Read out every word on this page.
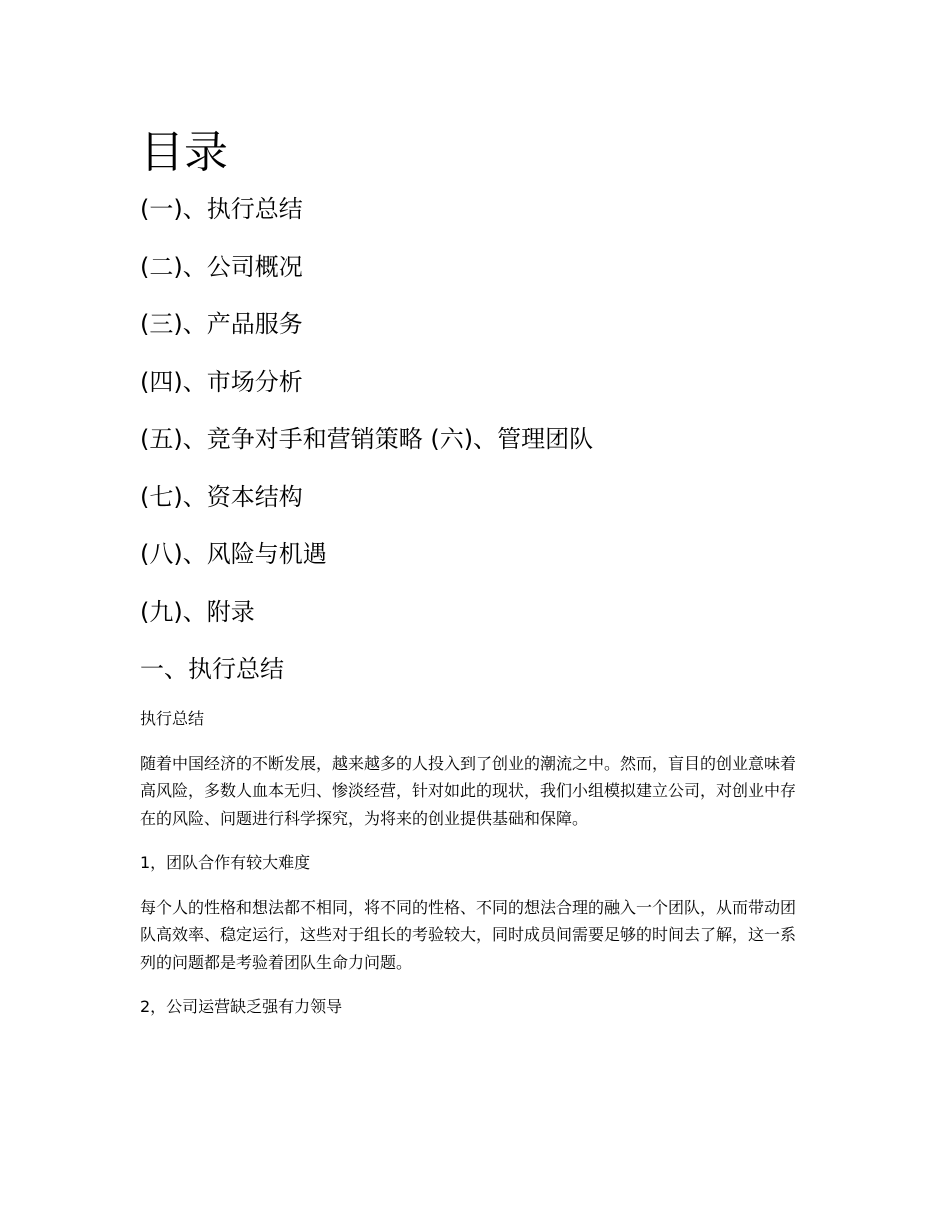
目录
(一)、执行总结
(二)、公司概况
(三)、产品服务
(四)、市场分析
(五)、竞争对手和营销策略 (六)、管理团队
(七)、资本结构
(八)、风险与机遇
(九)、附录
一、执行总结

执行总结

随着中国经济的不断发展，越来越多的人投入到了创业的潮流之中。然而，盲目的创业意味着高风险，多数人血本无归、惨淡经营，针对如此的现状，我们小组模拟建立公司，对创业中存在的风险、问题进行科学探究，为将来的创业提供基础和保障。

1，团队合作有较大难度

每个人的性格和想法都不相同，将不同的性格、不同的想法合理的融入一个团队，从而带动团队高效率、稳定运行，这些对于组长的考验较大，同时成员间需要足够的时间去了解，这一系列的问题都是考验着团队生命力问题。

2，公司运营缺乏强有力领导
